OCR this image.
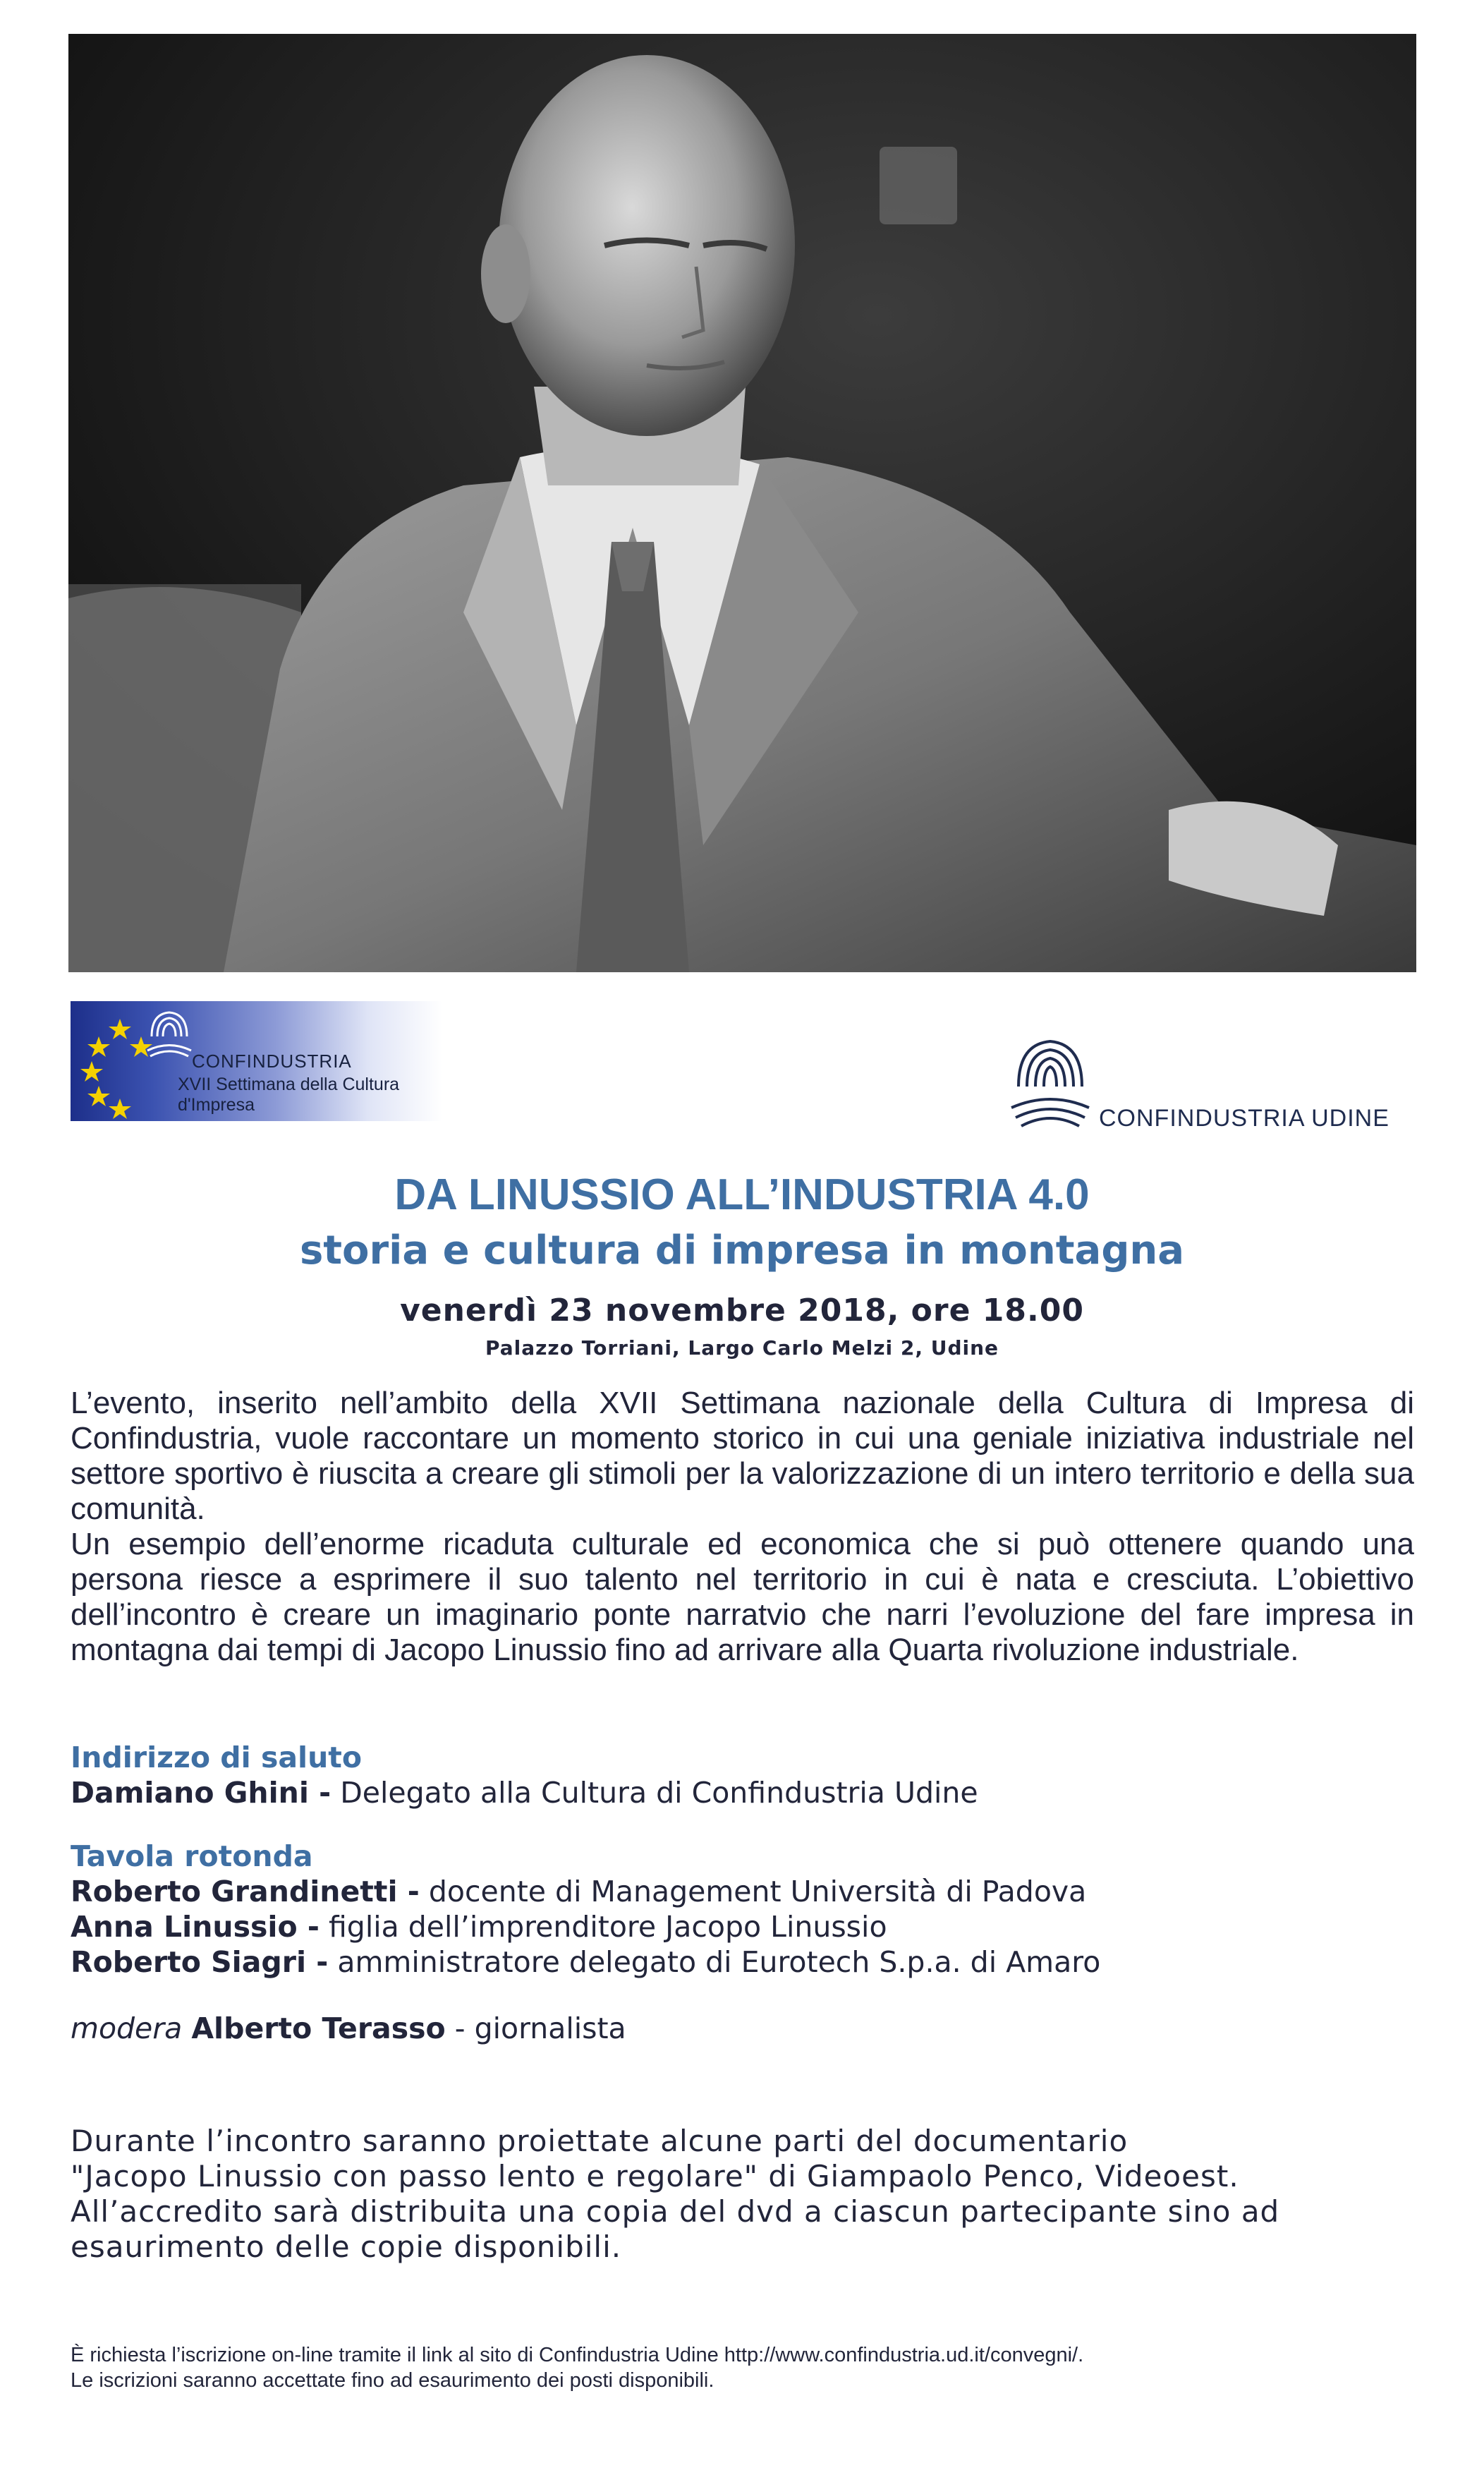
CONFINDUSTRIA
XVII Settimana della Cultura d'Impresa	CONFINDUSTRIA UDINE
DA LINUSSIO ALL’INDUSTRIA 4.0
storia e cultura di impresa in montagna
venerdì 23 novembre 2018, ore 18.00
Palazzo Torriani, Largo Carlo Melzi 2, Udine

L’evento, inserito nell’ambito della XVII Settimana nazionale della Cultura di Impresa di Confindustria, vuole raccontare un momento storico in cui una geniale iniziativa industriale nel settore sportivo è riuscita a creare gli stimoli per la valorizzazione di un intero territorio e della sua comunità.

Un esempio dell’enorme ricaduta culturale ed economica che si può ottenere quando una persona riesce a esprimere il suo talento nel territorio in cui è nata e cresciuta. L’obiettivo dell’incontro è creare un imaginario ponte narratvio che narri l’evoluzione del fare impresa in montagna dai tempi di Jacopo Linussio fino ad arrivare alla Quarta rivoluzione industriale.

Indirizzo di saluto
Damiano Ghini - Delegato alla Cultura di Confindustria Udine
Tavola rotonda
Roberto Grandinetti - docente di Management Università di Padova
Anna Linussio - figlia dell’imprenditore Jacopo Linussio
Roberto Siagri - amministratore delegato di Eurotech S.p.a. di Amaro
modera Alberto Terasso - giornalista

Durante l’incontro saranno proiettate alcune parti del documentario

"Jacopo Linussio con passo lento e regolare" di Giampaolo Penco, Videoest.

All’accredito sarà distribuita una copia del dvd a ciascun partecipante sino ad

esaurimento delle copie disponibili.

È richiesta l’iscrizione on-line tramite il link al sito di Confindustria Udine http://www.confindustria.ud.it/convegni/.

Le iscrizioni saranno accettate fino ad esaurimento dei posti disponibili.
